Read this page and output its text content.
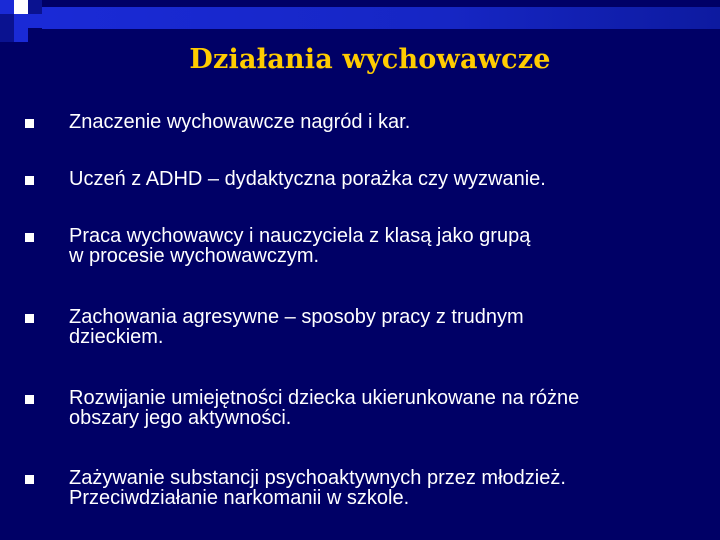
Działania wychowawcze
Znaczenie wychowawcze nagród i kar.
Uczeń z ADHD – dydaktyczna porażka czy wyzwanie.
Praca wychowawcy i nauczyciela z klasą jako grupą
w procesie wychowawczym.
Zachowania agresywne – sposoby pracy z trudnym
dzieckiem.
Rozwijanie umiejętności dziecka ukierunkowane na różne
obszary jego aktywności.
Zażywanie substancji psychoaktywnych przez młodzież.
Przeciwdziałanie narkomanii w szkole.
